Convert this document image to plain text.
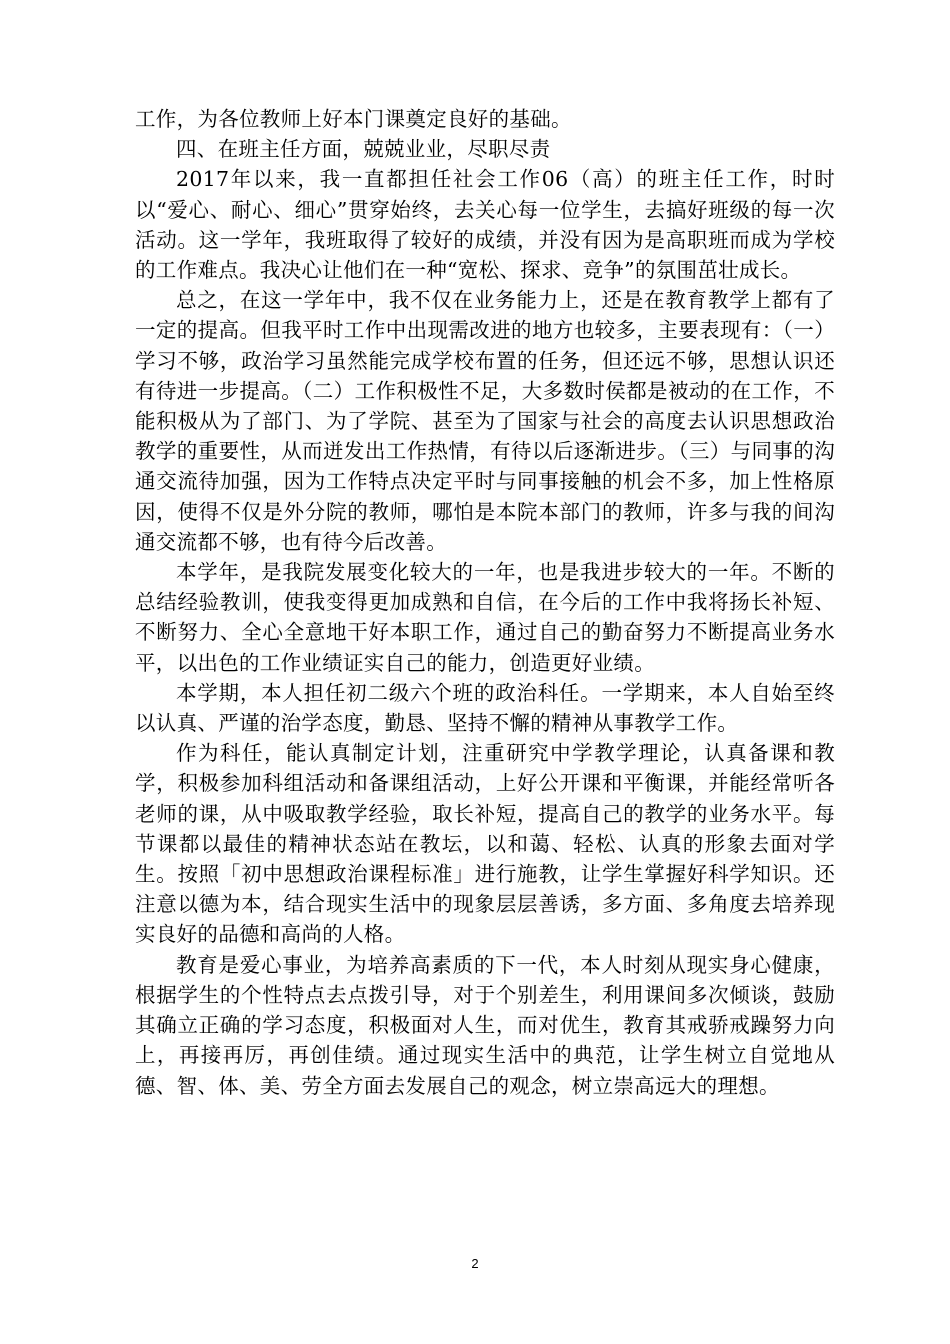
工作，为各位教师上好本门课奠定良好的基础。

四、在班主任方面，兢兢业业，尽职尽责

2017年以来，我一直都担任社会工作06（高）的班主任工作，时时以“爱心、耐心、细心”贯穿始终，去关心每一位学生，去搞好班级的每一次活动。这一学年，我班取得了较好的成绩，并没有因为是高职班而成为学校的工作难点。我决心让他们在一种“宽松、探求、竞争”的氛围茁壮成长。

总之，在这一学年中，我不仅在业务能力上，还是在教育教学上都有了一定的提高。但我平时工作中出现需改进的地方也较多，主要表现有：（一）学习不够，政治学习虽然能完成学校布置的任务，但还远不够，思想认识还有待进一步提高。（二）工作积极性不足，大多数时侯都是被动的在工作，不能积极从为了部门、为了学院、甚至为了国家与社会的高度去认识思想政治教学的重要性，从而迸发出工作热情，有待以后逐渐进步。（三）与同事的沟通交流待加强，因为工作特点决定平时与同事接触的机会不多，加上性格原因，使得不仅是外分院的教师，哪怕是本院本部门的教师，许多与我的间沟通交流都不够，也有待今后改善。

本学年，是我院发展变化较大的一年，也是我进步较大的一年。不断的总结经验教训，使我变得更加成熟和自信，在今后的工作中我将扬长补短、不断努力、全心全意地干好本职工作，通过自己的勤奋努力不断提高业务水平，以出色的工作业绩证实自己的能力，创造更好业绩。

本学期，本人担任初二级六个班的政治科任。一学期来，本人自始至终以认真、严谨的治学态度，勤恳、坚持不懈的精神从事教学工作。

作为科任，能认真制定计划，注重研究中学教学理论，认真备课和教学，积极参加科组活动和备课组活动，上好公开课和平衡课，并能经常听各老师的课，从中吸取教学经验，取长补短，提高自己的教学的业务水平。每节课都以最佳的精神状态站在教坛，以和蔼、轻松、认真的形象去面对学生。按照「初中思想政治课程标准」进行施教，让学生掌握好科学知识。还注意以德为本，结合现实生活中的现象层层善诱，多方面、多角度去培养现实良好的品德和高尚的人格。

教育是爱心事业，为培养高素质的下一代，本人时刻从现实身心健康，根据学生的个性特点去点拨引导，对于个别差生，利用课间多次倾谈，鼓励其确立正确的学习态度，积极面对人生，而对优生，教育其戒骄戒躁努力向上，再接再厉，再创佳绩。通过现实生活中的典范，让学生树立自觉地从德、智、体、美、劳全方面去发展自己的观念，树立崇高远大的理想。

2
